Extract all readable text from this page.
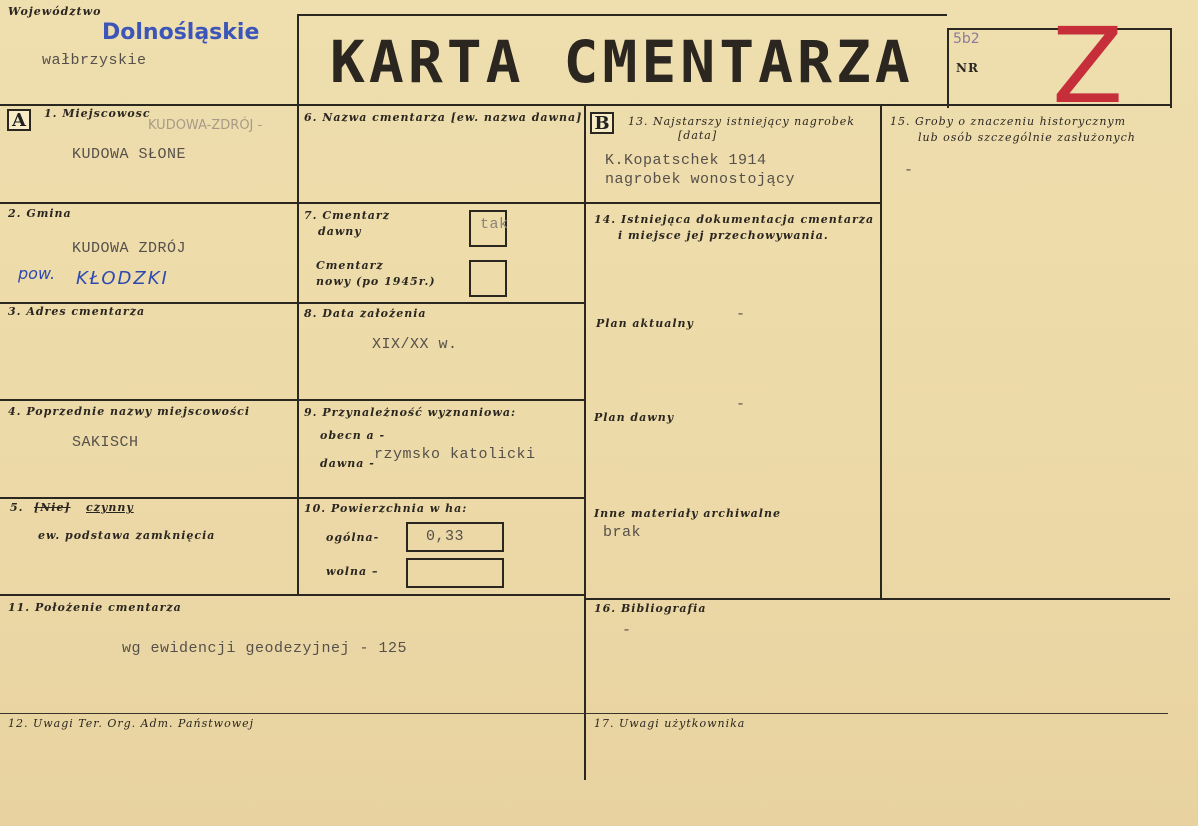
Województwo
Dolnośląskie
wałbrzyskie	KARTA CMENTARZA	5b2
NR Z
A	B
1. Miejscowosc
KUDOWA-ZDRÓJ -
KUDOWA SŁONE
2. Gmina
KUDOWA ZDRÓJ
pow. KŁODZKI
3. Adres cmentarza
4. Poprzednie nazwy miejscowości
SAKISCH
5. [Nie] czynny
ew. podstawa zamknięcia
6. Nazwa cmentarza [ew. nazwa dawna]
7. Cmentarz
dawny	tak
Cmentarz
nowy (po 1945r.)
8. Data założenia
XIX/XX w.
9. Przynależność wyznaniowa:
obecn a -
dawna -
rzymsko katolicki
10. Powierzchnia w ha:
ogólna-	0,33
wolna –
11. Położenie cmentarza
wg ewidencji geodezyjnej - 125
12. Uwagi Ter. Org. Adm. Państwowej
13. Najstarszy istniejący nagrobek
[data]
K.Kopatschek 1914
nagrobek wonostojący
14. Istniejąca dokumentacja cmentarza
i miejsce jej przechowywania.
Plan aktualny
-
Plan dawny
-
Inne materiały archiwalne
brak
15. Groby o znaczeniu historycznym
lub osób szczególnie zasłużonych
-
16. Bibliografia
-
17. Uwagi użytkownika
